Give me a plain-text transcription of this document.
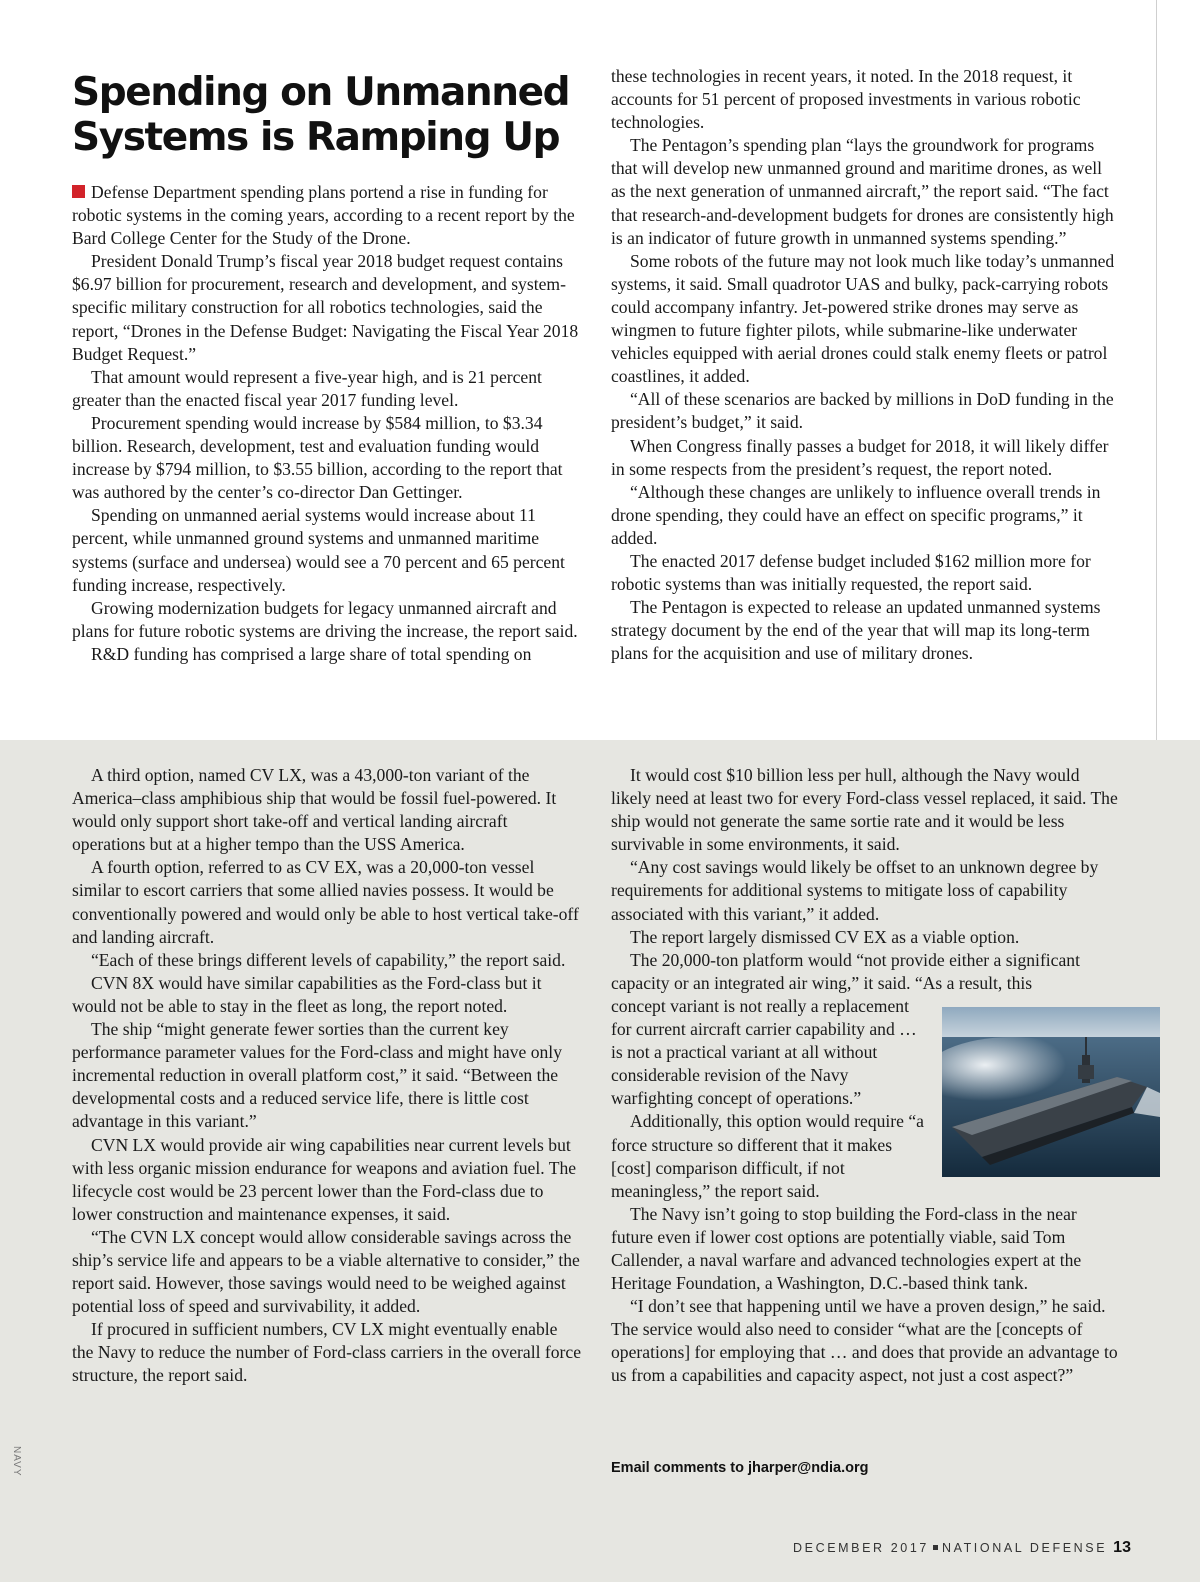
Spending on Unmanned Systems is Ramping Up

Defense Department spending plans portend a rise in funding for robotic systems in the coming years, according to a recent report by the Bard College Center for the Study of the Drone.

President Donald Trump’s fiscal year 2018 budget request contains $6.97 billion for procurement, research and development, and system-specific military construction for all robotics technologies, said the report, “Drones in the Defense Budget: Navigating the Fiscal Year 2018 Budget Request.”

That amount would represent a five-year high, and is 21 percent greater than the enacted fiscal year 2017 funding level.

Procurement spending would increase by $584 million, to $3.34 billion. Research, development, test and evaluation funding would increase by $794 million, to $3.55 billion, according to the report that was authored by the center’s co-director Dan Gettinger.

Spending on unmanned aerial systems would increase about 11 percent, while unmanned ground systems and unmanned maritime systems (surface and undersea) would see a 70 percent and 65 percent funding increase, respectively.

Growing modernization budgets for legacy unmanned aircraft and plans for future robotic systems are driving the increase, the report said.

R&D funding has comprised a large share of total spending on

these technologies in recent years, it noted. In the 2018 request, it accounts for 51 percent of proposed investments in various robotic technologies.

The Pentagon’s spending plan “lays the groundwork for programs that will develop new unmanned ground and maritime drones, as well as the next generation of unmanned aircraft,” the report said. “The fact that research-and-development budgets for drones are consistently high is an indicator of future growth in unmanned systems spending.”

Some robots of the future may not look much like today’s unmanned systems, it said. Small quadrotor UAS and bulky, pack-carrying robots could accompany infantry. Jet-powered strike drones may serve as wingmen to future fighter pilots, while submarine-like underwater vehicles equipped with aerial drones could stalk enemy fleets or patrol coastlines, it added.

“All of these scenarios are backed by millions in DoD funding in the president’s budget,” it said.

When Congress finally passes a budget for 2018, it will likely differ in some respects from the president’s request, the report noted.

“Although these changes are unlikely to influence overall trends in drone spending, they could have an effect on specific programs,” it added.

The enacted 2017 defense budget included $162 million more for robotic systems than was initially requested, the report said.

The Pentagon is expected to release an updated unmanned systems strategy document by the end of the year that will map its long-term plans for the acquisition and use of military drones.

A third option, named CV LX, was a 43,000-ton variant of the America–class amphibious ship that would be fossil fuel-powered. It would only support short take-off and vertical landing aircraft operations but at a higher tempo than the USS America.

A fourth option, referred to as CV EX, was a 20,000-ton vessel similar to escort carriers that some allied navies possess. It would be conventionally powered and would only be able to host vertical take-off and landing aircraft.

“Each of these brings different levels of capability,” the report said.

CVN 8X would have similar capabilities as the Ford-class but it would not be able to stay in the fleet as long, the report noted.

The ship “might generate fewer sorties than the current key performance parameter values for the Ford-class and might have only incremental reduction in overall platform cost,” it said. “Between the developmental costs and a reduced service life, there is little cost advantage in this variant.”

CVN LX would provide air wing capabilities near current levels but with less organic mission endurance for weapons and aviation fuel. The lifecycle cost would be 23 percent lower than the Ford-class due to lower construction and maintenance expenses, it said.

“The CVN LX concept would allow considerable savings across the ship’s service life and appears to be a viable alternative to consider,” the report said. However, those savings would need to be weighed against potential loss of speed and survivability, it added.

If procured in sufficient numbers, CV LX might eventually enable the Navy to reduce the number of Ford-class carriers in the overall force structure, the report said.

It would cost $10 billion less per hull, although the Navy would likely need at least two for every Ford-class vessel replaced, it said. The ship would not generate the same sortie rate and it would be less survivable in some environments, it said.

“Any cost savings would likely be offset to an unknown degree by requirements for additional systems to mitigate loss of capability associated with this variant,” it added.

The report largely dismissed CV EX as a viable option.

The 20,000-ton platform would “not provide either a significant capacity or an integrated air wing,” it said. “As a result, this

concept variant is not really a replacement for current aircraft carrier capability and … is not a practical variant at all without considerable revision of the Navy warfighting concept of operations.”

Additionally, this option would require “a force structure so different that it makes [cost] comparison difficult, if not meaningless,” the report said.

The Navy isn’t going to stop building the Ford-class in the near future even if lower cost options are potentially viable, said Tom Callender, a naval warfare and advanced technologies expert at the Heritage Foundation, a Washington, D.C.-based think tank.

“I don’t see that happening until we have a proven design,” he said. The service would also need to consider “what are the [concepts of operations] for employing that … and does that provide an advantage to us from a capabilities and capacity aspect, not just a cost aspect?”

NAVY	Email comments to jharper@ndia.org
DECEMBER 2017 NATIONAL DEFENSE 13
